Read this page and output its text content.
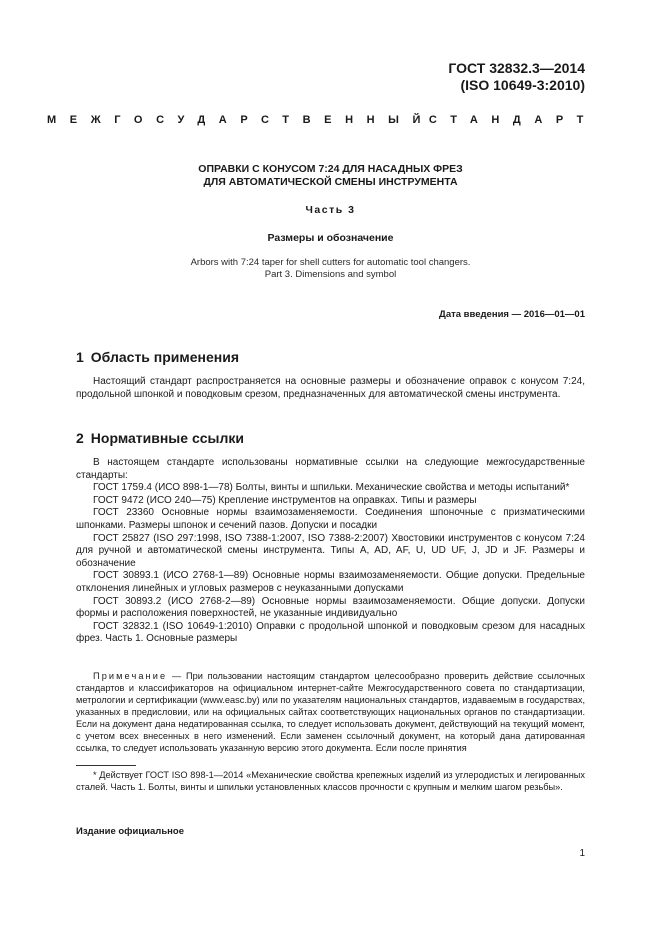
ГОСТ 32832.3—2014
(ISO 10649-3:2010)
МЕЖГОСУДАРСТВЕННЫЙ
СТАНДАРТ
ОПРАВКИ С КОНУСОМ 7:24 ДЛЯ НАСАДНЫХ ФРЕЗ
ДЛЯ АВТОМАТИЧЕСКОЙ СМЕНЫ ИНСТРУМЕНТА
Часть 3
Размеры и обозначение
Arbors with 7:24 taper for shell cutters for automatic tool changers.
Part 3. Dimensions and symbol
Дата введения — 2016—01—01
1 Область применения

Настоящий стандарт распространяется на основные размеры и обозначение оправок с конусом 7:24, продольной шпонкой и поводковым срезом, предназначенных для автоматической смены инструмента.

2 Нормативные ссылки

В настоящем стандарте использованы нормативные ссылки на следующие межгосударственные стандарты:

ГОСТ 1759.4 (ИСО 898-1—78) Болты, винты и шпильки. Механические свойства и методы испытаний*

ГОСТ 9472 (ИСО 240—75) Крепление инструментов на оправках. Типы и размеры

ГОСТ 23360 Основные нормы взаимозаменяемости. Соединения шпоночные с призматическими шпонками. Размеры шпонок и сечений пазов. Допуски и посадки

ГОСТ 25827 (ISO 297:1998, ISO 7388-1:2007, ISO 7388-2:2007) Хвостовики инструментов с конусом 7:24 для ручной и автоматической смены инструмента. Типы A, AD, AF, U, UD UF, J, JD и JF. Размеры и обозначение

ГОСТ 30893.1 (ИСО 2768-1—89) Основные нормы взаимозаменяемости. Общие допуски. Предельные отклонения линейных и угловых размеров с неуказанными допусками

ГОСТ 30893.2 (ИСО 2768-2—89) Основные нормы взаимозаменяемости. Общие допуски. Допуски формы и расположения поверхностей, не указанные индивидуально

ГОСТ 32832.1 (ISO 10649-1:2010) Оправки с продольной шпонкой и поводковым срезом для насадных фрез. Часть 1. Основные размеры

Примечание — При пользовании настоящим стандартом целесообразно проверить действие ссылочных стандартов и классификаторов на официальном интернет-сайте Межгосударственного совета по стандартизации, метрологии и сертификации (www.easc.by) или по указателям национальных стандартов, издаваемым в государствах, указанных в предисловии, или на официальных сайтах соответствующих национальных органов по стандартизации. Если на документ дана недатированная ссылка, то следует использовать документ, действующий на текущий момент, с учетом всех внесенных в него изменений. Если заменен ссылочный документ, на который дана датированная ссылка, то следует использовать указанную версию этого документа. Если после принятия

* Действует ГОСТ ISO 898-1—2014 «Механические свойства крепежных изделий из углеродистых и легированных сталей. Часть 1. Болты, винты и шпильки установленных классов прочности с крупным и мелким шагом резьбы».

Издание официальное
1
